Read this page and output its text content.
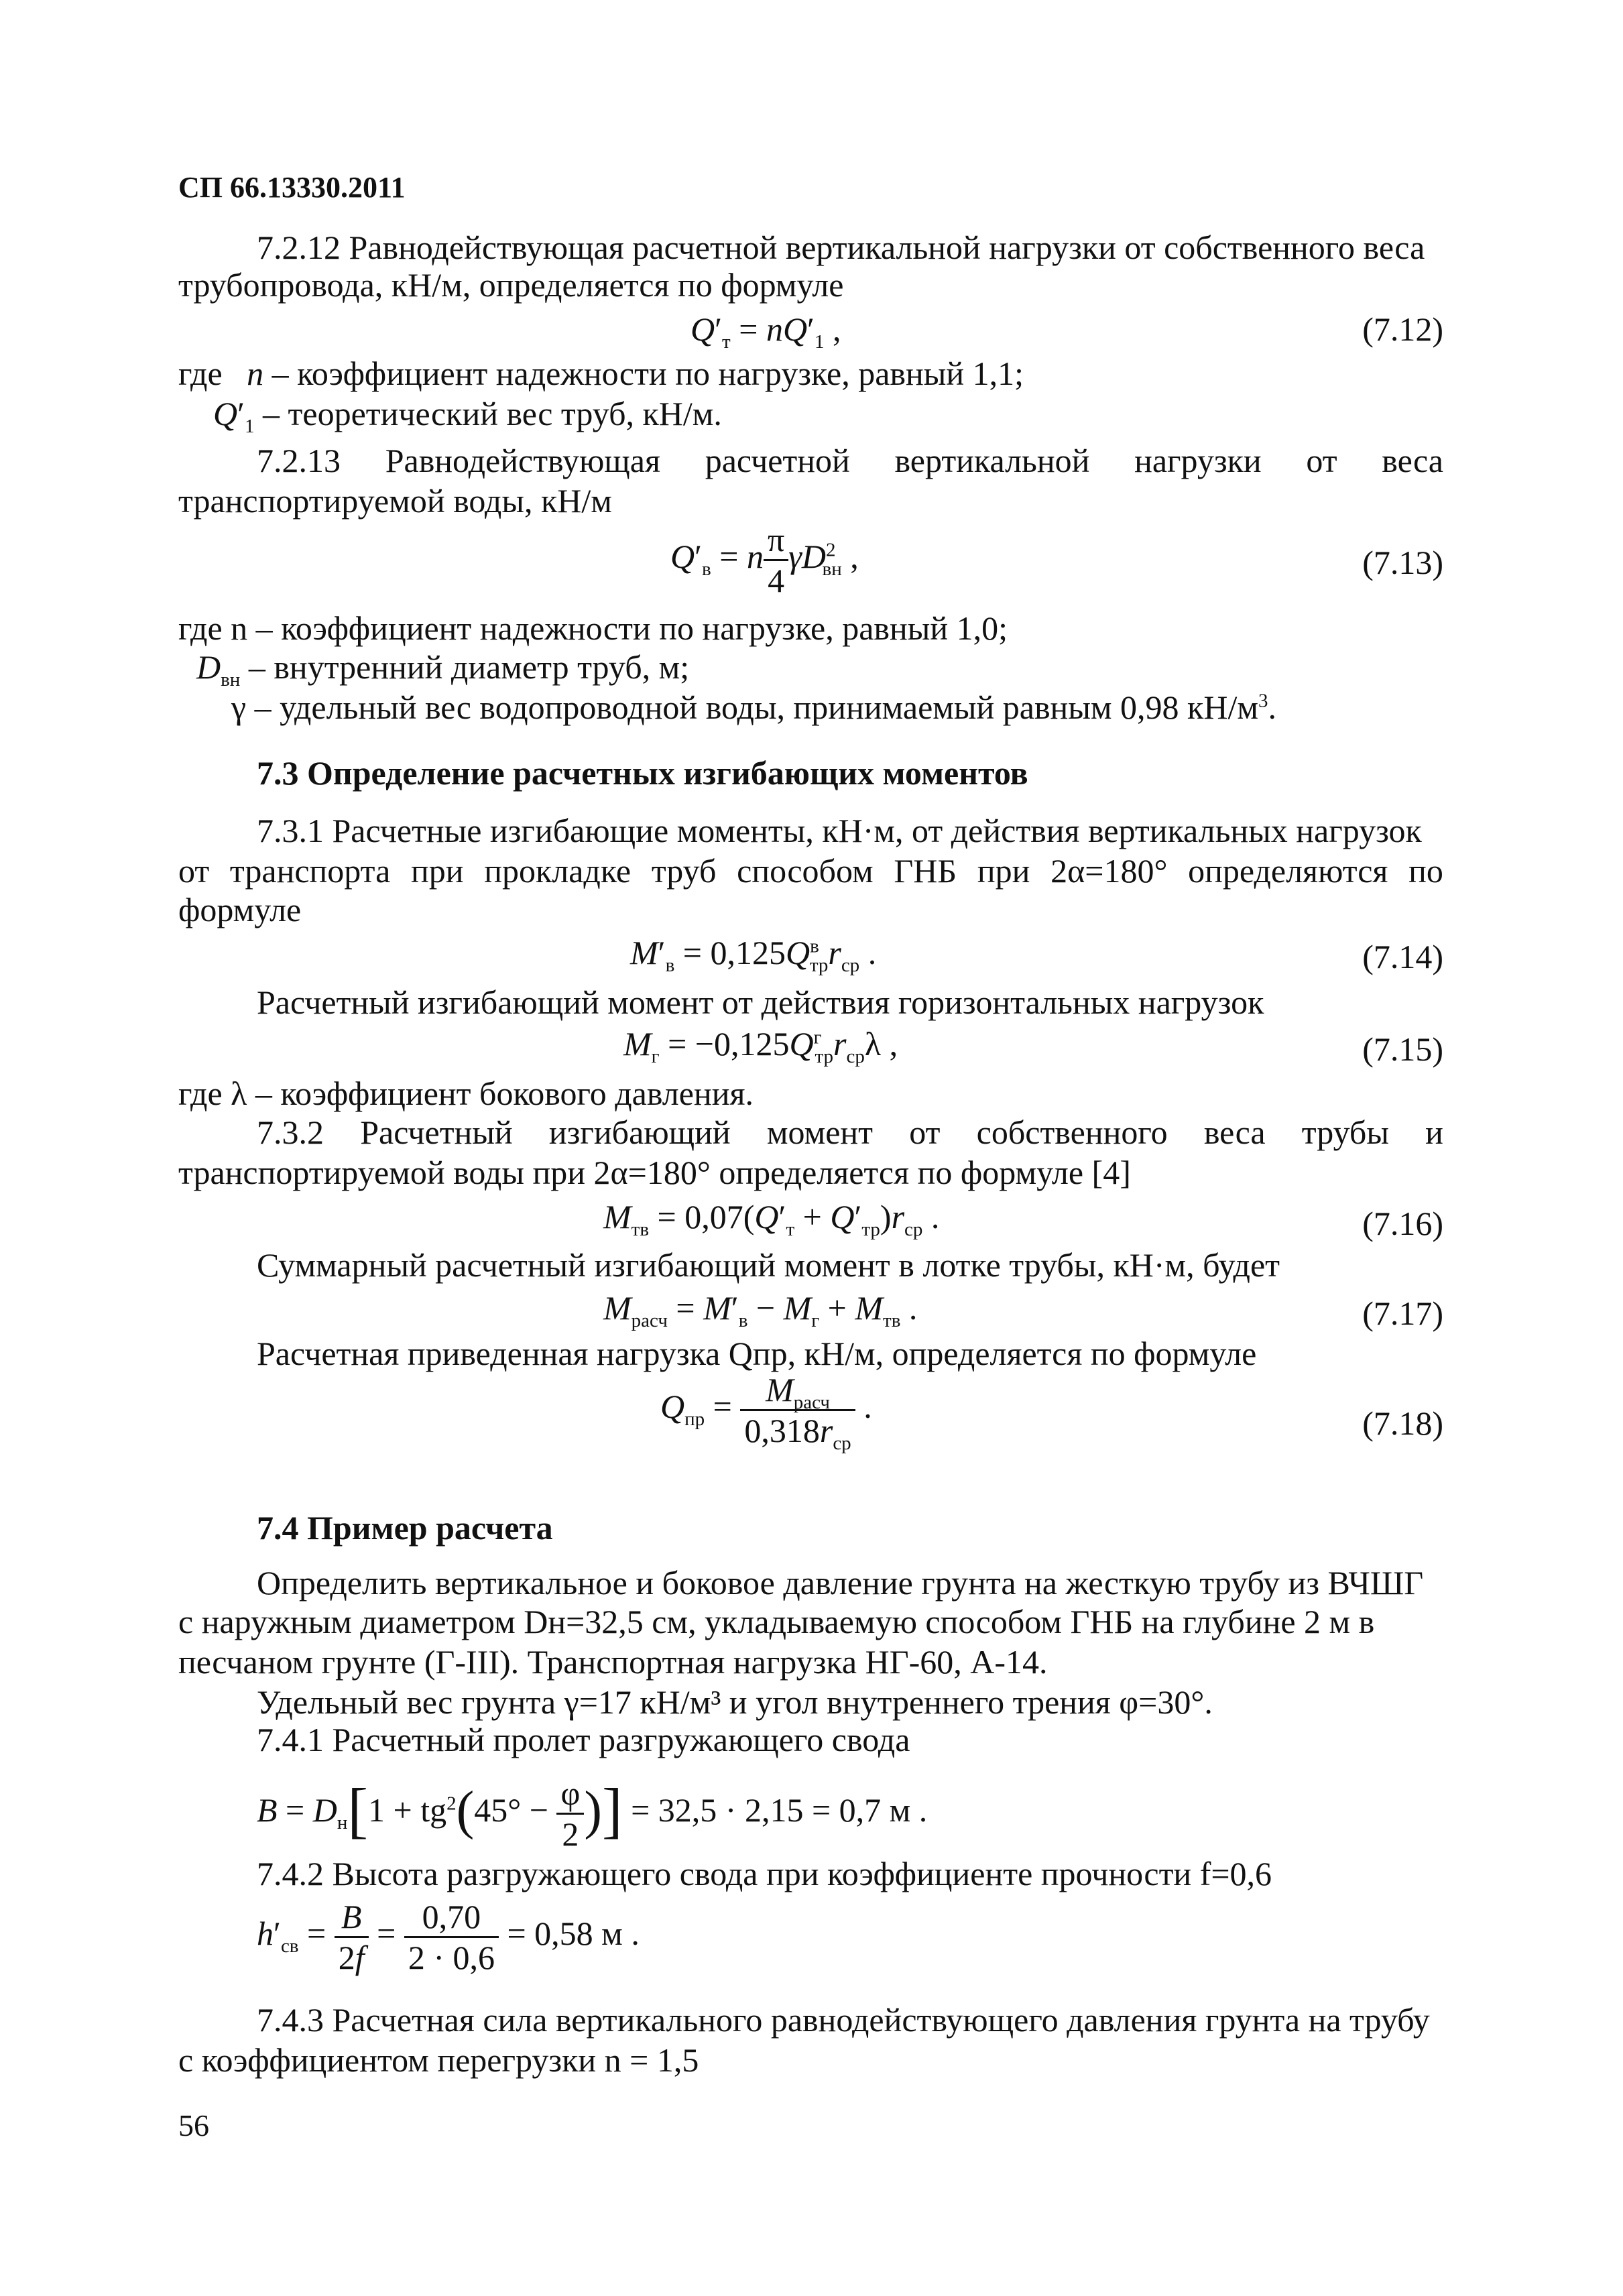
СП 66.13330.2011
7.2.12 Равнодействующая расчетной вертикальной нагрузки от собственного веса
трубопровода, кН/м, определяется по формуле
$Q'_т = nQ'_1$ ,	(7.12)
где n – коэффициент надежности по нагрузке, равный 1,1;
$Q'_1$ – теоретический вес труб, кН/м.
7.2.13 Равнодействующая расчетной вертикальной нагрузки от веса
транспортируемой воды, кН/м
$Q'_в = n \frac{\pi}{4} \gamma D^2_{вн}$ ,	(7.13)
где n – коэффициент надежности по нагрузке, равный 1,0;
$D_{вн}$ – внутренний диаметр труб, м;
γ – удельный вес водопроводной воды, принимаемый равным 0,98 $кН/м^3$.
7.3 Определение расчетных изгибающих моментов
7.3.1 Расчетные изгибающие моменты, кН·м, от действия вертикальных нагрузок
от транспорта при прокладке труб способом ГНБ при 2α=180° определяются по
формуле
$M'_в = 0,125Q^в_{тр}r_{ср}$ .	(7.14)
Расчетный изгибающий момент от действия горизонтальных нагрузок
$M_г = -0,125Q^г_{тр}r_{ср}\lambda$ ,	(7.15)
где λ – коэффициент бокового давления.
7.3.2 Расчетный изгибающий момент от собственного веса трубы и
транспортируемой воды при 2α=180° определяется по формуле [4]
$M_{тв} = 0,07(Q'_т + Q'_{тр})r_{ср}$ .	(7.16)
Суммарный расчетный изгибающий момент в лотке трубы, кН·м, будет
$M_{расч} = M'_в - M_г + M_{тв}$ .	(7.17)
Расчетная приведенная нагрузка Qпр, кН/м, определяется по формуле
$Q_{пр} = M_{расч}$
$0,318r_{ср}$
.	(7.18)
7.4 Пример расчета
Определить вертикальное и боковое давление грунта на жесткую трубу из ВЧШГ
с наружным диаметром Dн=32,5 см, укладываемую способом ГНБ на глубине 2 м в
песчаном грунте (Г-III). Транспортная нагрузка НГ-60, А-14.
Удельный вес грунта γ=17 кН/м³ и угол внутреннего трения φ=30°.
7.4.1 Расчетный пролет разгружающего свода
$B = D_н[1 + tg^2(45^\circ - \frac{\varphi}{2}$ )] = 32,5 · 2,15 = 0,7 м .
7.4.2 Высота разгружающего свода при коэффициенте прочности f=0,6
$h'_{св} = \frac{B}{2f} = \frac{0,70}{2 \cdot 0,6} = 0,58$ м .
7.4.3 Расчетная сила вертикального равнодействующего давления грунта на трубу
с коэффициентом перегрузки n = 1,5
56
